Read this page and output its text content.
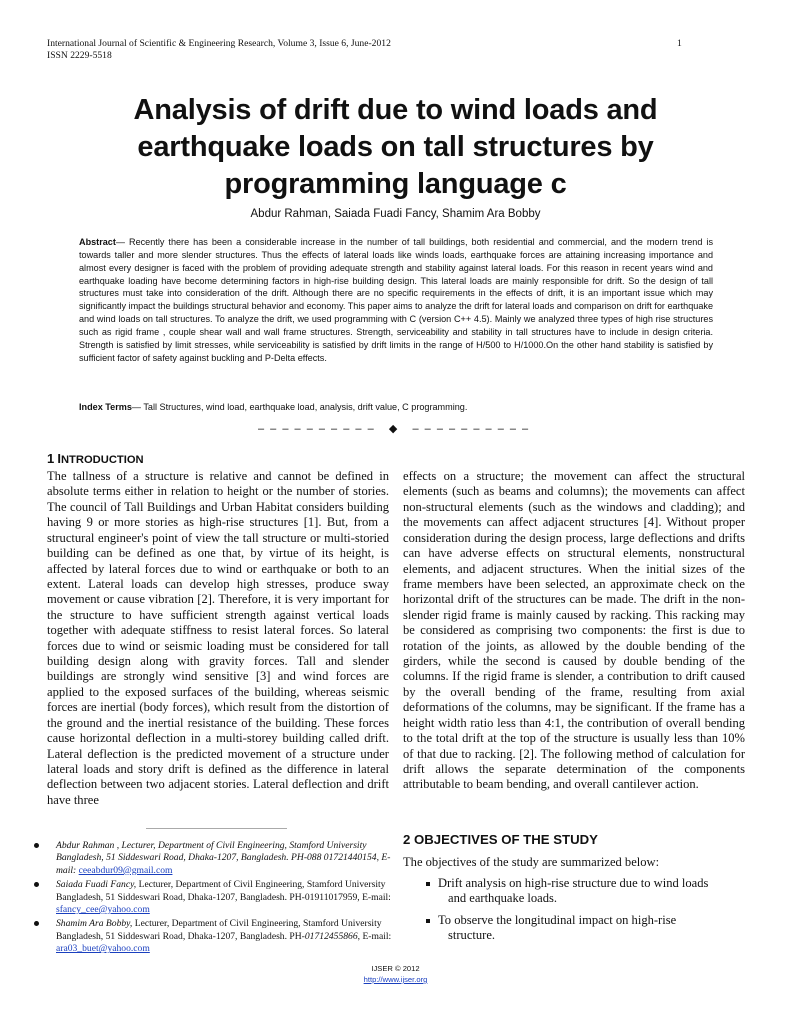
International Journal of Scientific & Engineering Research, Volume 3, Issue 6, June-2012
ISSN 2229-5518
1
Analysis of drift due to wind loads and
earthquake loads on tall structures by
programming language c
Abdur Rahman, Saiada Fuadi Fancy, Shamim Ara Bobby
Abstract— Recently there has been a considerable increase in the number of tall buildings, both residential and commercial, and the modern trend is towards taller and more slender structures. Thus the effects of lateral loads like winds loads, earthquake forces are attaining increasing importance and almost every designer is faced with the problem of providing adequate strength and stability against lateral loads. For this reason in recent years wind and earthquake loading have become determining factors in high-rise building design. This lateral loads are mainly responsible for drift. So the design of tall structures must take into consideration of the drift. Although there are no specific requirements in the effects of drift, it is an important issue which may significantly impact the buildings structural behavior and economy. This paper aims to analyze the drift for lateral loads and comparison on drift for earthquake and wind loads on tall structures. To analyze the drift, we used programming with C (version C++ 4.5). Mainly we analyzed three types of high rise structures such as rigid frame , couple shear wall and wall frame structures. Strength, serviceability and stability in tall structures have to include in design criteria. Strength is satisfied by limit stresses, while serviceability is satisfied by drift limits in the range of H/500 to H/1000.On the other hand stability is satisfied by sufficient factor of safety against buckling and P-Delta effects.
Index Terms— Tall Structures, wind load, earthquake load, analysis, drift value, C programming.
– – – – – – – – – –   ◆   – – – – – – – – – –
1 INTRODUCTION

The tallness of a structure is relative and cannot be defined in absolute terms either in relation to height or the number of stories. The council of Tall Buildings and Urban Habitat considers building having 9 or more stories as high-rise structures [1]. But, from a structural engineer's point of view the tall structure or multi-storied building can be defined as one that, by virtue of its height, is affected by lateral forces due to wind or earthquake or both to an extent. Lateral loads can develop high stresses, produce sway movement or cause vibration [2]. Therefore, it is very important for the structure to have sufficient strength against vertical loads together with adequate stiffness to resist lateral forces. So lateral forces due to wind or seismic loading must be considered for tall building design along with gravity forces. Tall and slender buildings are strongly wind sensitive [3] and wind forces are applied to the exposed surfaces of the building, whereas seismic forces are inertial (body forces), which result from the distortion of the ground and the inertial resistance of the building. These forces cause horizontal deflection in a multi-storey building called drift. Lateral deflection is the predicted movement of a structure under lateral loads and story drift is defined as the difference in lateral deflection between two adjacent stories. Lateral deflection and drift have three

effects on a structure; the movement can affect the structural elements (such as beams and columns); the movements can affect non-structural elements (such as the windows and cladding); and the movements can affect adjacent structures [4]. Without proper consideration during the design process, large deflections and drifts can have adverse effects on structural elements, nonstructural elements, and adjacent structures. When the initial sizes of the frame members have been selected, an approximate check on the horizontal drift of the structures can be made. The drift in the non-slender rigid frame is mainly caused by racking. This racking may be considered as comprising two components: the first is due to rotation of the joints, as allowed by the double bending of the girders, while the second is caused by double bending of the columns. If the rigid frame is slender, a contribution to drift caused by the overall bending of the frame, resulting from axial deformations of the columns, may be significant. If the frame has a height width ratio less than 4:1, the contribution of overall bending to the total drift at the top of the structure is usually less than 10% of that due to racking. [2]. The following method of calculation for drift allows the separate determination of the components attributable to beam bending, and overall cantilever action.

Abdur Rahman , Lecturer, Department of Civil Engineering, Stamford University Bangladesh, 51 Siddeswari Road, Dhaka-1207, Bangladesh. PH-088 01721440154, E-mail: ceeabdur09@gmail.com
Saiada Fuadi Fancy, Lecturer, Department of Civil Engineering, Stamford University Bangladesh, 51 Siddeswari Road, Dhaka-1207, Bangladesh. PH-01911017959, E-mail: sfancy_cee@yahoo.com
Shamim Ara Bobby, Lecturer, Department of Civil Engineering, Stamford University Bangladesh, 51 Siddeswari Road, Dhaka-1207, Bangladesh. PH-01712455866, E-mail: ara03_buet@yahoo.com
2 OBJECTIVES OF THE STUDY

The objectives of the study are summarized below:

Drift analysis on high-rise structure due to wind loads
and earthquake loads.
To observe the longitudinal impact on high-rise
structure.
IJSER © 2012
http://www.ijser.org
